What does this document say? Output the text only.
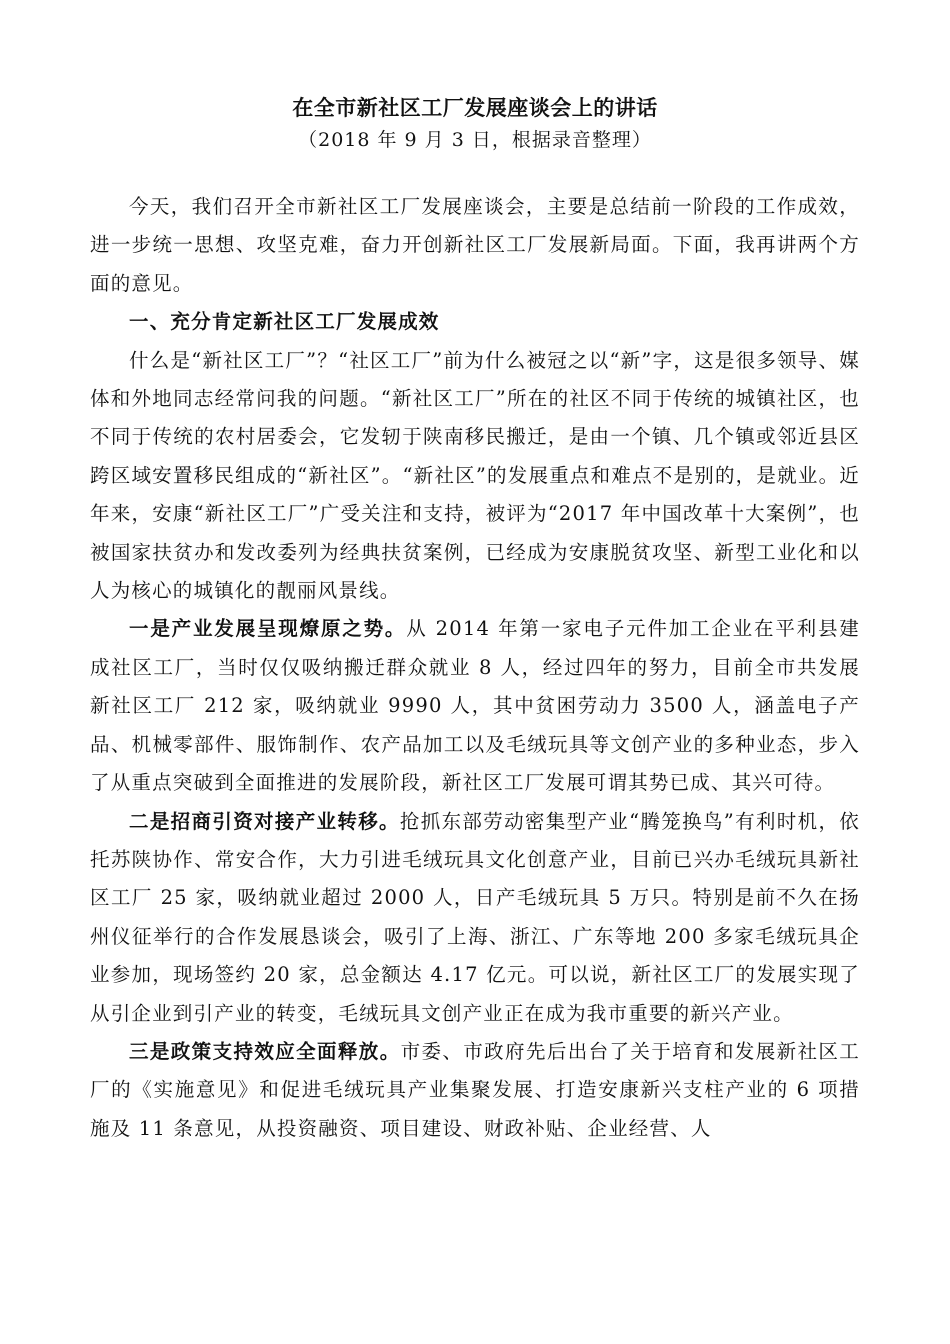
在全市新社区工厂发展座谈会上的讲话

（2018 年 9 月 3 日，根据录音整理）

今天，我们召开全市新社区工厂发展座谈会，主要是总结前一阶段的工作成效，进一步统一思想、攻坚克难，奋力开创新社区工厂发展新局面。下面，我再讲两个方面的意见。

一、充分肯定新社区工厂发展成效

什么是“新社区工厂”？“社区工厂”前为什么被冠之以“新”字，这是很多领导、媒体和外地同志经常问我的问题。“新社区工厂”所在的社区不同于传统的城镇社区，也不同于传统的农村居委会，它发轫于陕南移民搬迁，是由一个镇、几个镇或邻近县区跨区域安置移民组成的“新社区”。“新社区”的发展重点和难点不是别的，是就业。近年来，安康“新社区工厂”广受关注和支持，被评为“2017 年中国改革十大案例”，也被国家扶贫办和发改委列为经典扶贫案例，已经成为安康脱贫攻坚、新型工业化和以人为核心的城镇化的靓丽风景线。

一是产业发展呈现燎原之势。从 2014 年第一家电子元件加工企业在平利县建成社区工厂，当时仅仅吸纳搬迁群众就业 8 人，经过四年的努力，目前全市共发展新社区工厂 212 家，吸纳就业 9990 人，其中贫困劳动力 3500 人，涵盖电子产品、机械零部件、服饰制作、农产品加工以及毛绒玩具等文创产业的多种业态，步入了从重点突破到全面推进的发展阶段，新社区工厂发展可谓其势已成、其兴可待。

二是招商引资对接产业转移。抢抓东部劳动密集型产业“腾笼换鸟”有利时机，依托苏陕协作、常安合作，大力引进毛绒玩具文化创意产业，目前已兴办毛绒玩具新社区工厂 25 家，吸纳就业超过 2000 人，日产毛绒玩具 5 万只。特别是前不久在扬州仪征举行的合作发展恳谈会，吸引了上海、浙江、广东等地 200 多家毛绒玩具企业参加，现场签约 20 家，总金额达 4.17 亿元。可以说，新社区工厂的发展实现了从引企业到引产业的转变，毛绒玩具文创产业正在成为我市重要的新兴产业。

三是政策支持效应全面释放。市委、市政府先后出台了关于培育和发展新社区工厂的《实施意见》和促进毛绒玩具产业集聚发展、打造安康新兴支柱产业的 6 项措施及 11 条意见，从投资融资、项目建设、财政补贴、企业经营、人
